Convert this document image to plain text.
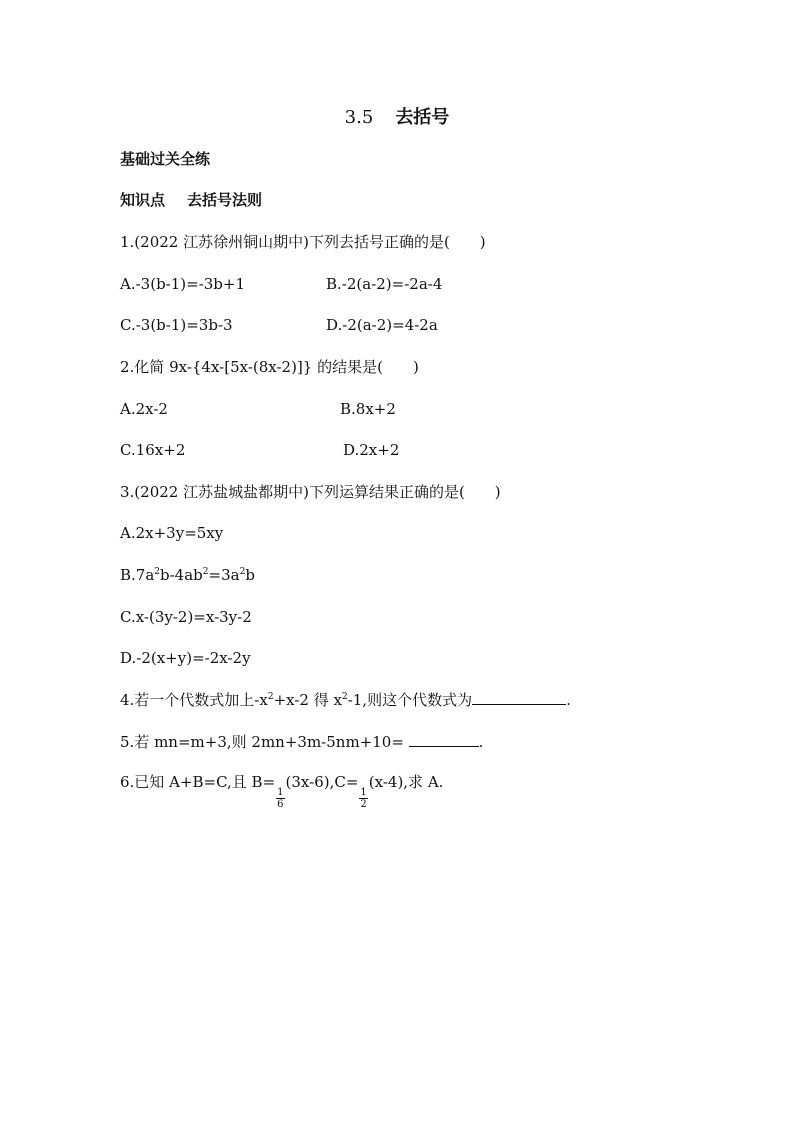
3.5 去括号
基础过关全练
知识点 去括号法则
1.(2022 江苏徐州铜山期中)下列去括号正确的是(　　)
A.-3(b-1)=-3b+1	B.-2(a-2)=-2a-4
C.-3(b-1)=3b-3	D.-2(a-2)=4-2a
2.化简 9x-{4x-[5x-(8x-2)]} 的结果是(　　)
A.2x-2	B.8x+2
C.16x+2	D.2x+2
3.(2022 江苏盐城盐都期中)下列运算结果正确的是(　　)
A.2x+3y=5xy
$B.7a^2b-4ab^2=3a^2b$
C.x-(3y-2)=x-3y-2
D.-2(x+y)=-2x-2y
4.若一个代数式加上$-x^2+x-2$ 得 $x^2-1$,则这个代数式为	.
5.若 mn=m+3,则 2mn+3m-5nm+10=	.
6.已知 A+B=C,且 B=
$\frac{1}{6}$
(3x-6),C=
$\frac{1}{2}$
(x-4),求 A.
